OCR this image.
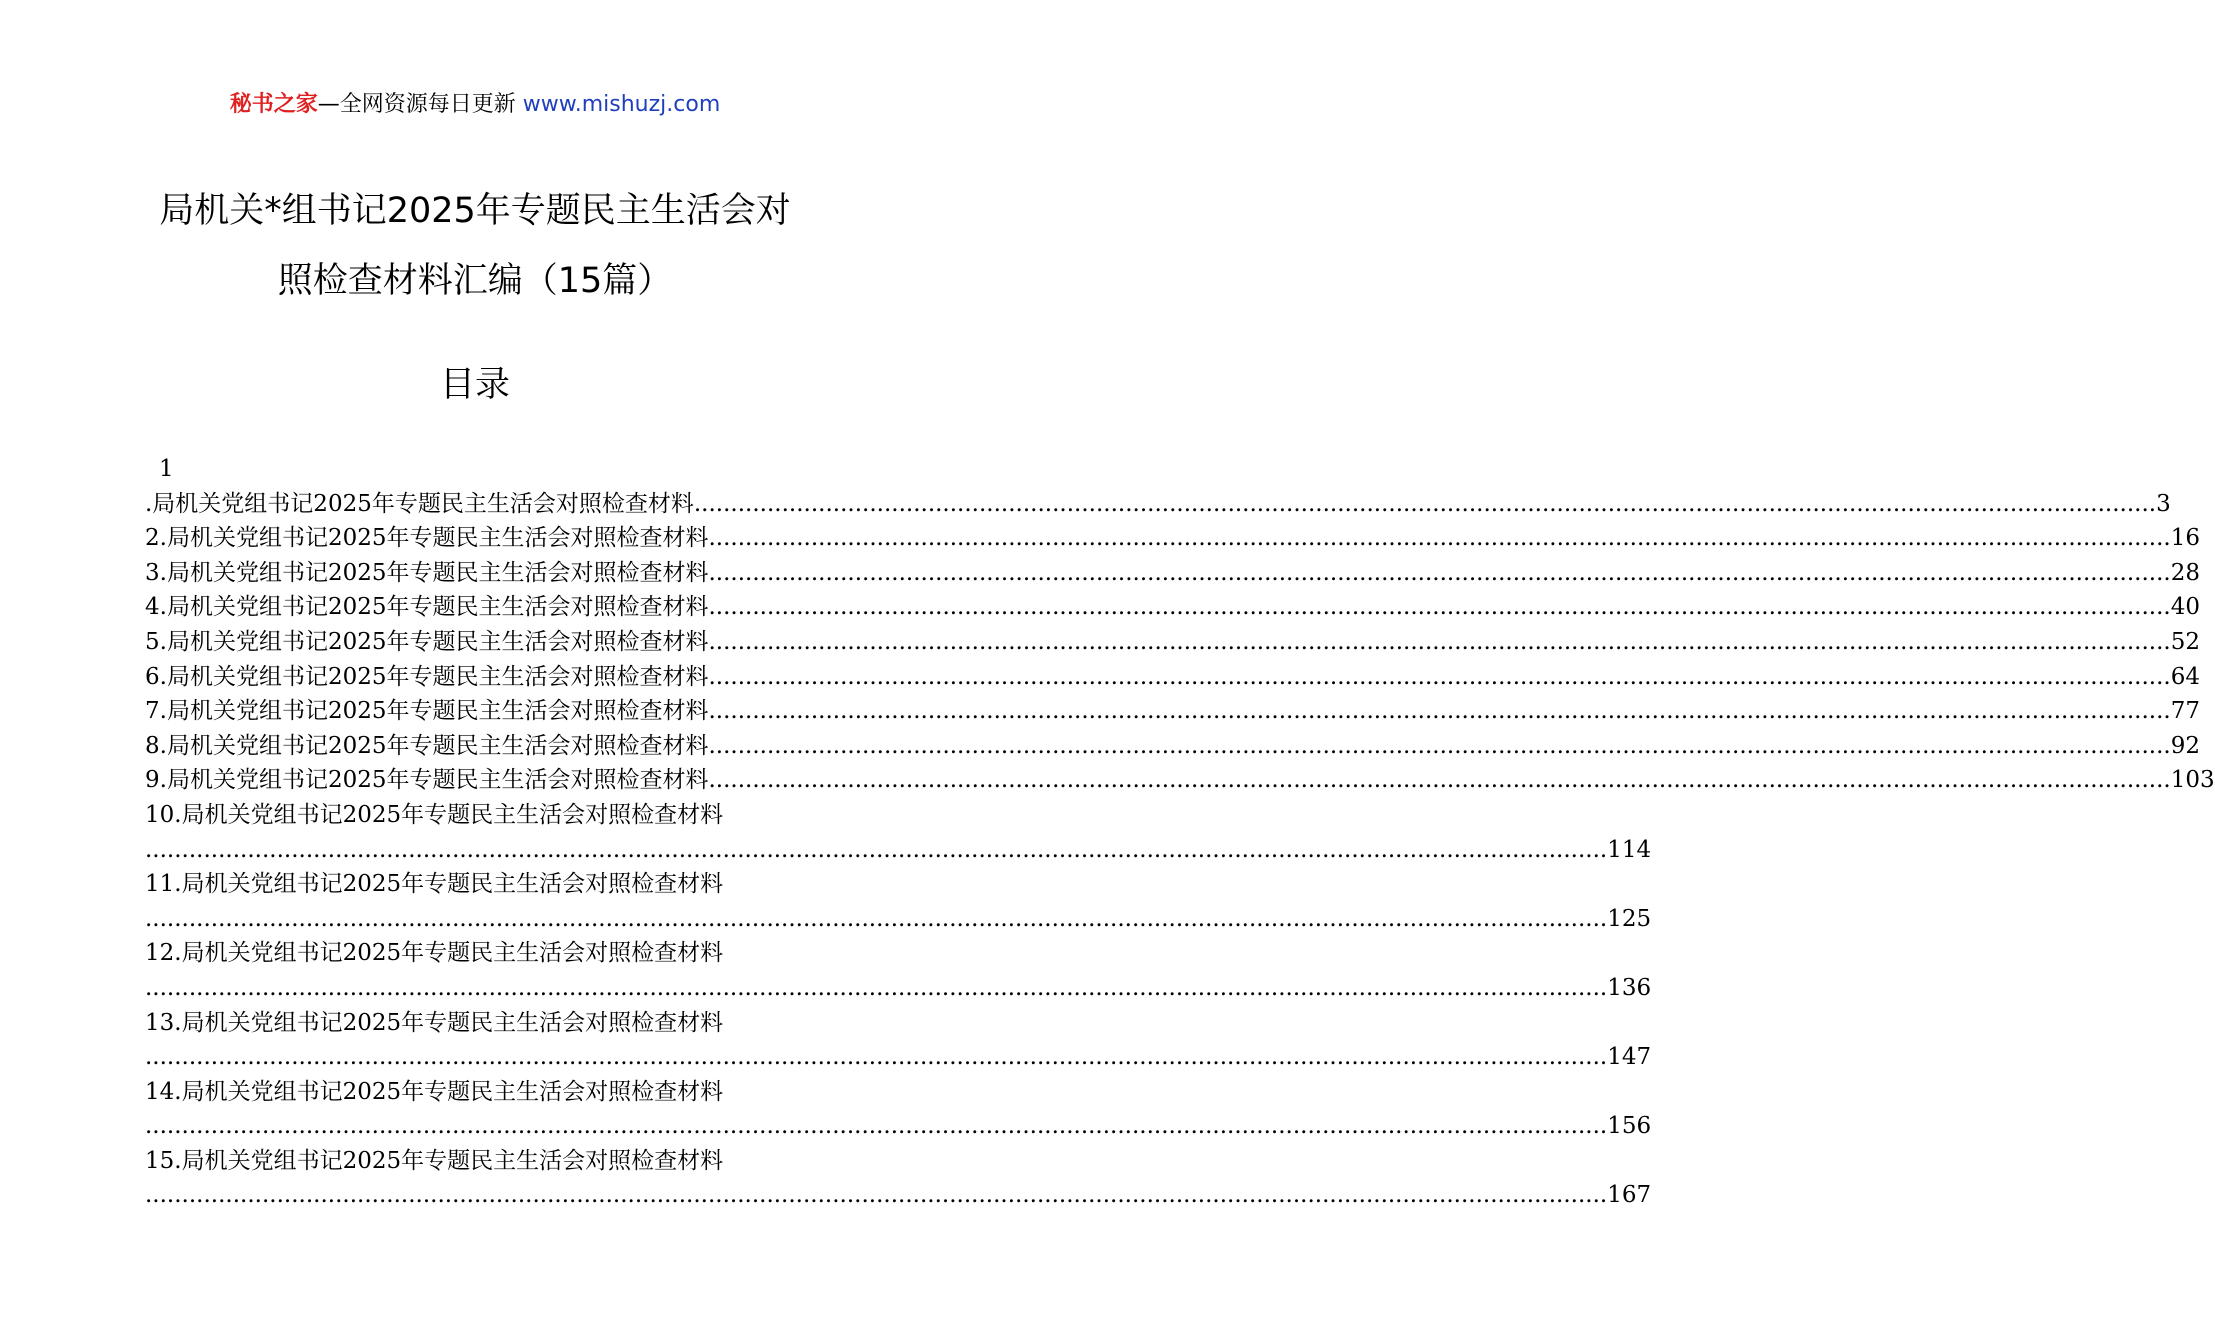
秘书之家—全网资源每日更新 www.mishuzj.com
局机关*组书记2025年专题民主生活会对
照检查材料汇编（15篇）
目录
1
.局机关党组书记2025年专题民主生活会对照检查材料 ........................................................................................................................................................................................................ 3
2.局机关党组书记2025年专题民主生活会对照检查材料 ........................................................................................................................................................................................................ 16
3.局机关党组书记2025年专题民主生活会对照检查材料 ........................................................................................................................................................................................................ 28
4.局机关党组书记2025年专题民主生活会对照检查材料 ........................................................................................................................................................................................................ 40
5.局机关党组书记2025年专题民主生活会对照检查材料 ........................................................................................................................................................................................................ 52
6.局机关党组书记2025年专题民主生活会对照检查材料 ........................................................................................................................................................................................................ 64
7.局机关党组书记2025年专题民主生活会对照检查材料 ........................................................................................................................................................................................................ 77
8.局机关党组书记2025年专题民主生活会对照检查材料 ........................................................................................................................................................................................................ 92
9.局机关党组书记2025年专题民主生活会对照检查材料 ........................................................................................................................................................................................................ 103
10.局机关党组书记2025年专题民主生活会对照检查材料
........................................................................................................................................................................................................ 114
11.局机关党组书记2025年专题民主生活会对照检查材料
........................................................................................................................................................................................................ 125
12.局机关党组书记2025年专题民主生活会对照检查材料
........................................................................................................................................................................................................ 136
13.局机关党组书记2025年专题民主生活会对照检查材料
........................................................................................................................................................................................................ 147
14.局机关党组书记2025年专题民主生活会对照检查材料
........................................................................................................................................................................................................ 156
15.局机关党组书记2025年专题民主生活会对照检查材料
........................................................................................................................................................................................................ 167
